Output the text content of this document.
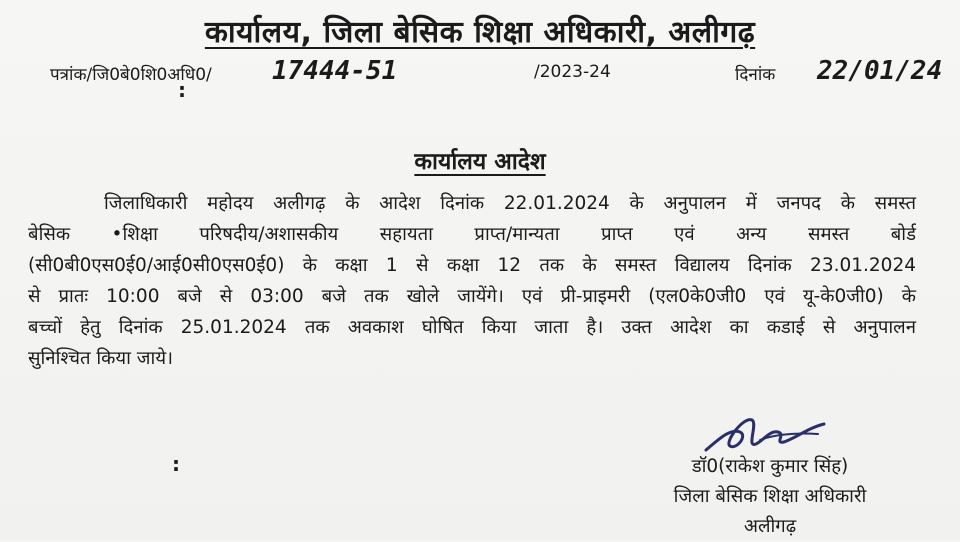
कार्यालय, जिला बेसिक शिक्षा अधिकारी, अलीगढ़
पत्रांक/जि0बे0शि0अधि0/ 17444-51	/2023-24	दिनांक 22/01/24
:
कार्यालय आदेश
जिलाधिकारी महोदय अलीगढ़ के आदेश दिनांक 22.01.2024 के अनुपालन में जनपद के समस्त
बेसिक •शिक्षा परिषदीय/अशासकीय सहायता प्राप्त/मान्यता प्राप्त एवं अन्य समस्त बोर्ड
(सी0बी0एस0ई0/आई0सी0एस0ई0) के कक्षा 1 से कक्षा 12 तक के समस्त विद्यालय दिनांक 23.01.2024
से प्रातः 10:00 बजे से 03:00 बजे तक खोले जायेंगे। एवं प्री-प्राइमरी (एल0के0जी0 एवं यू-के0जी0) के
बच्चों हेतु दिनांक 25.01.2024 तक अवकाश घोषित किया जाता है। उक्त आदेश का कडाई से अनुपालन
सुनिश्चित किया जाये।
:	डॉ0(राकेश कुमार सिंह)
जिला बेसिक शिक्षा अधिकारी
अलीगढ़
